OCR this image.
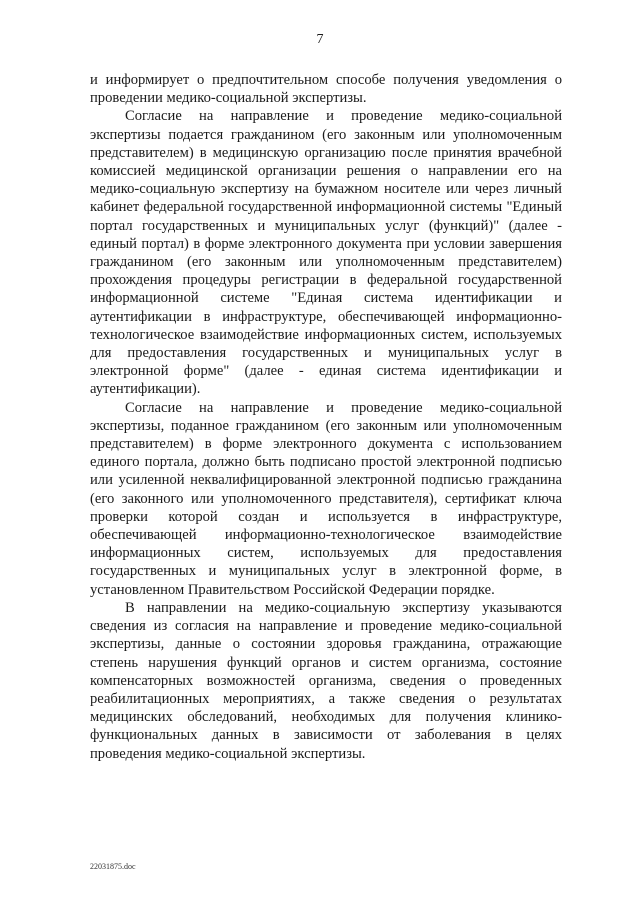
7

и информирует о предпочтительном способе получения уведомления о проведении медико-социальной экспертизы.

Согласие на направление и проведение медико-социальной экспертизы подается гражданином (его законным или уполномоченным представителем) в медицинскую организацию после принятия врачебной комиссией медицинской организации решения о направлении его на медико-социальную экспертизу на бумажном носителе или через личный кабинет федеральной государственной информационной системы "Единый портал государственных и муниципальных услуг (функций)" (далее - единый портал) в форме электронного документа при условии завершения гражданином (его законным или уполномоченным представителем) прохождения процедуры регистрации в федеральной государственной информационной системе "Единая система идентификации и аутентификации в инфраструктуре, обеспечивающей информационно-технологическое взаимодействие информационных систем, используемых для предоставления государственных и муниципальных услуг в электронной форме" (далее - единая система идентификации и аутентификации).

Согласие на направление и проведение медико-социальной экспертизы, поданное гражданином (его законным или уполномоченным представителем) в форме электронного документа с использованием единого портала, должно быть подписано простой электронной подписью или усиленной неквалифицированной электронной подписью гражданина (его законного или уполномоченного представителя), сертификат ключа проверки которой создан и используется в инфраструктуре, обеспечивающей информационно-технологическое взаимодействие информационных систем, используемых для предоставления государственных и муниципальных услуг в электронной форме, в установленном Правительством Российской Федерации порядке.

В направлении на медико-социальную экспертизу указываются сведения из согласия на направление и проведение медико-социальной экспертизы, данные о состоянии здоровья гражданина, отражающие степень нарушения функций органов и систем организма, состояние компенсаторных возможностей организма, сведения о проведенных реабилитационных мероприятиях, а также сведения о результатах медицинских обследований, необходимых для получения клинико-функциональных данных в зависимости от заболевания в целях проведения медико-социальной экспертизы.

22031875.doc
